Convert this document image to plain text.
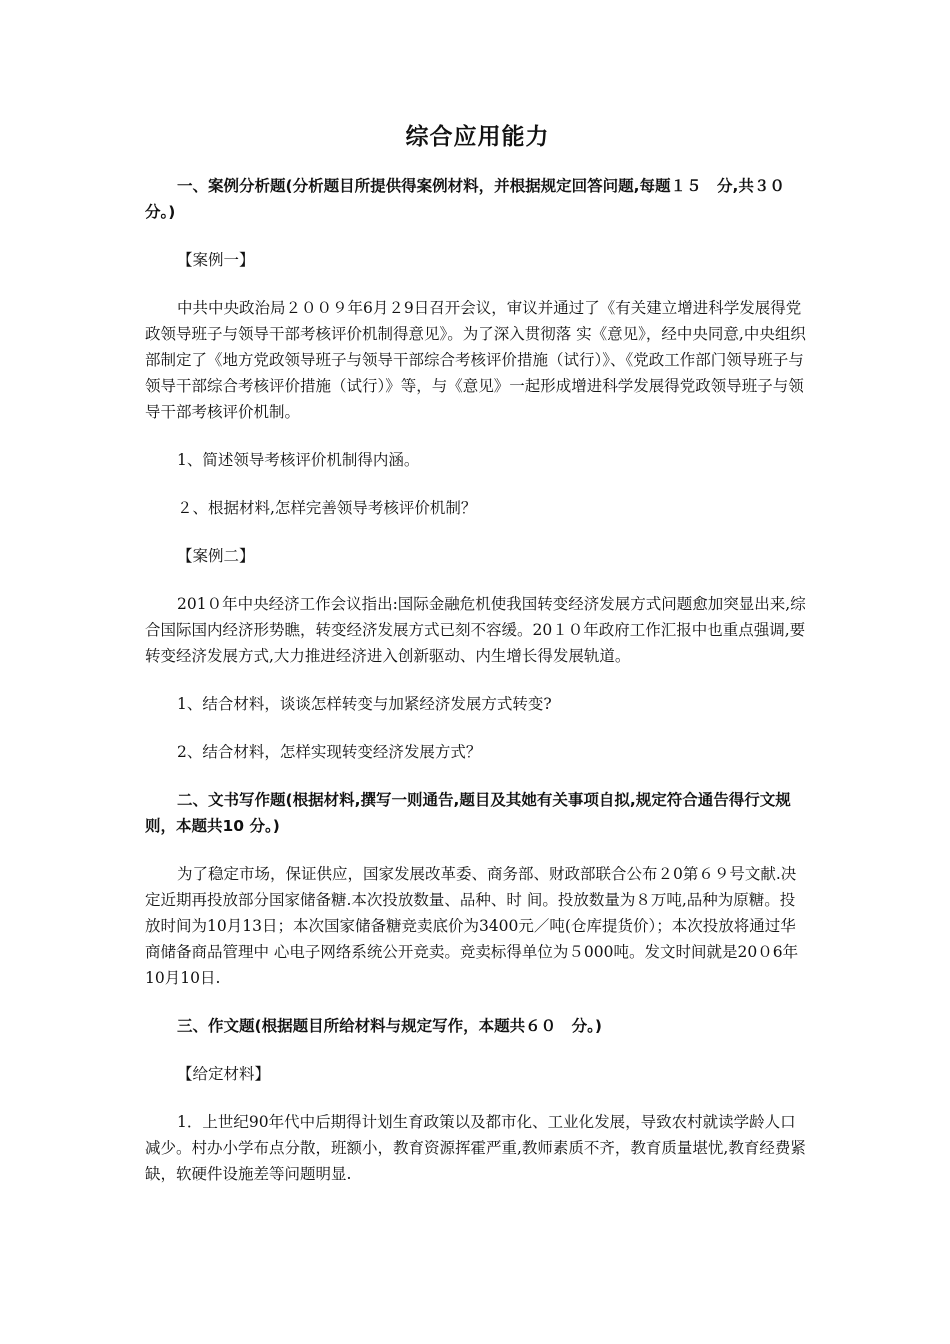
综合应用能力

一、案例分析题(分析题目所提供得案例材料，并根据规定回答问题,每题１５　分,共３０分。)

【案例一】

中共中央政治局２００９年6月２9日召开会议，审议并通过了《有关建立增进科学发展得党政领导班子与领导干部考核评价机制得意见》。为了深入贯彻落 实《意见》，经中央同意,中央组织部制定了《地方党政领导班子与领导干部综合考核评价措施（试行）》、《党政工作部门领导班子与领导干部综合考核评价措施（试行）》等，与《意见》一起形成增进科学发展得党政领导班子与领导干部考核评价机制。

1、简述领导考核评价机制得内涵。

２、根据材料,怎样完善领导考核评价机制？

【案例二】

201０年中央经济工作会议指出:国际金融危机使我国转变经济发展方式问题愈加突显出来,综合国际国内经济形势瞧，转变经济发展方式已刻不容缓。20１０年政府工作汇报中也重点强调,要转变经济发展方式,大力推进经济进入创新驱动、内生增长得发展轨道。

1、结合材料，谈谈怎样转变与加紧经济发展方式转变?

2、结合材料，怎样实现转变经济发展方式？

二、文书写作题(根据材料,撰写一则通告,题目及其她有关事项自拟,规定符合通告得行文规则，本题共10 分。)

为了稳定市场，保证供应，国家发展改革委、商务部、财政部联合公布２0第６９号文献.决定近期再投放部分国家储备糖.本次投放数量、品种、时 间。投放数量为８万吨,品种为原糖。投放时间为10月13日；本次国家储备糖竞卖底价为3400元／吨(仓库提货价）；本次投放将通过华商储备商品管理中 心电子网络系统公开竞卖。竞卖标得单位为５000吨。发文时间就是20０6年10月10日.

三、作文题(根据题目所给材料与规定写作，本题共６０　分。)

【给定材料】

1．上世纪90年代中后期得计划生育政策以及都市化、工业化发展，导致农村就读学龄人口减少。村办小学布点分散，班额小，教育资源挥霍严重,教师素质不齐，教育质量堪忧,教育经费紧缺，软硬件设施差等问题明显.
